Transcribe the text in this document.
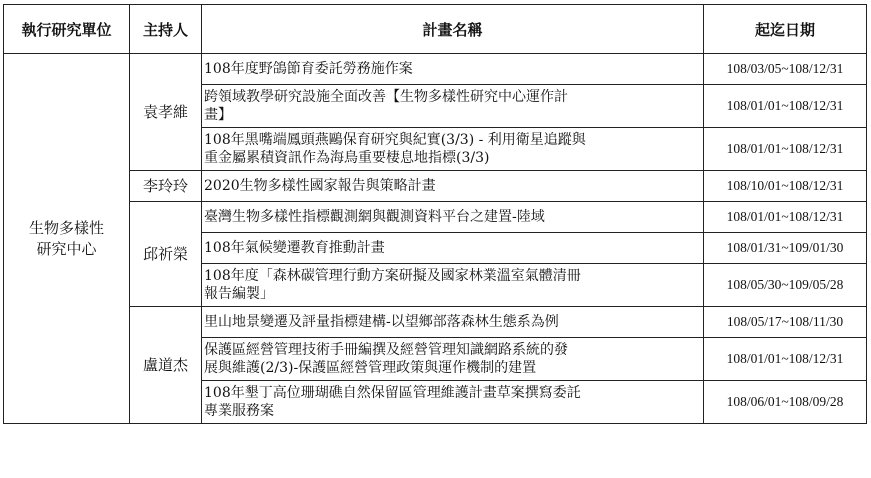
執行研究單位	主持人	計畫名稱	起迄日期

生物多樣性
研究中心	袁孝維	108年度野鴿節育委託勞務施作案	108/03/05~108/12/31

		跨領域教學研究設施全面改善【生物多樣性研究中心運作計
畫】	108/01/01~108/12/31

		108年黑嘴端鳳頭燕鷗保育研究與紀實(3/3) - 利用衛星追蹤與
重金屬累積資訊作為海鳥重要棲息地指標(3/3)	108/01/01~108/12/31
	李玲玲	2020生物多樣性國家報告與策略計畫	108/10/01~108/12/31
	邱祈榮	臺灣生物多樣性指標觀測網與觀測資料平台之建置-陸域	108/01/01~108/12/31
		108年氣候變遷教育推動計畫	108/01/31~109/01/30

		108年度「森林碳管理行動方案研擬及國家林業溫室氣體清冊
報告編製」	108/05/30~109/05/28
	盧道杰	里山地景變遷及評量指標建構-以望鄉部落森林生態系為例	108/05/17~108/11/30

		保護區經營管理技術手冊編撰及經營管理知識網路系統的發
展與維護(2/3)-保護區經營管理政策與運作機制的建置	108/01/01~108/12/31

		108年墾丁高位珊瑚礁自然保留區管理維護計畫草案撰寫委託
專業服務案	108/06/01~108/09/28
